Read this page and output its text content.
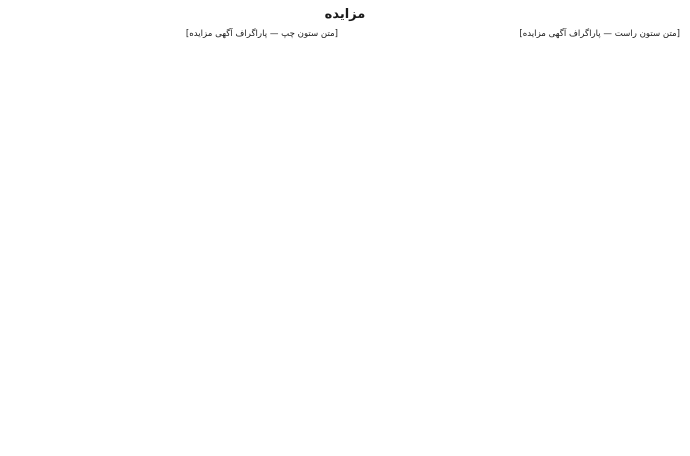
مزایده
[متن ستون راست — پاراگراف آگهی مزایده]
[متن ستون چپ — پاراگراف آگهی مزایده]
